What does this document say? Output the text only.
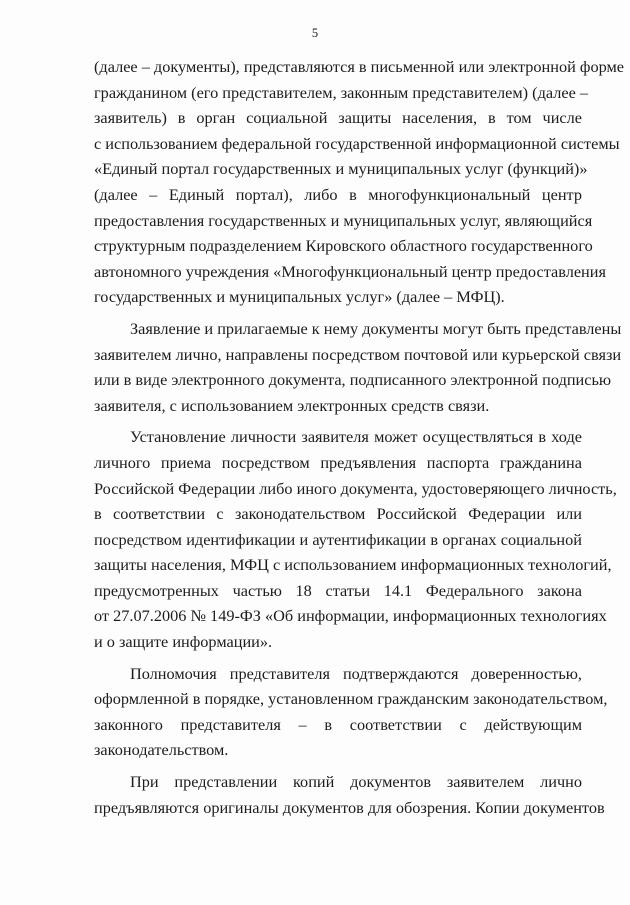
5
(далее – документы), представляются в письменной или электронной форме
гражданином (его представителем, законным представителем) (далее –
заявитель) в орган социальной защиты населения, в том числе
с использованием федеральной государственной информационной системы
«Единый портал государственных и муниципальных услуг (функций)»
(далее – Единый портал), либо в многофункциональный центр
предоставления государственных и муниципальных услуг, являющийся
структурным подразделением Кировского областного государственного
автономного учреждения «Многофункциональный центр предоставления
государственных и муниципальных услуг» (далее – МФЦ).
Заявление и прилагаемые к нему документы могут быть представлены
заявителем лично, направлены посредством почтовой или курьерской связи
или в виде электронного документа, подписанного электронной подписью
заявителя, с использованием электронных средств связи.
Установление личности заявителя может осуществляться в ходе
личного приема посредством предъявления паспорта гражданина
Российской Федерации либо иного документа, удостоверяющего личность,
в соответствии с законодательством Российской Федерации или
посредством идентификации и аутентификации в органах социальной
защиты населения, МФЦ с использованием информационных технологий,
предусмотренных частью 18 статьи 14.1 Федерального закона
от 27.07.2006 № 149-ФЗ «Об информации, информационных технологиях
и о защите информации».
Полномочия представителя подтверждаются доверенностью,
оформленной в порядке, установленном гражданским законодательством,
законного представителя – в соответствии с действующим
законодательством.
При представлении копий документов заявителем лично
предъявляются оригиналы документов для обозрения. Копии документов
